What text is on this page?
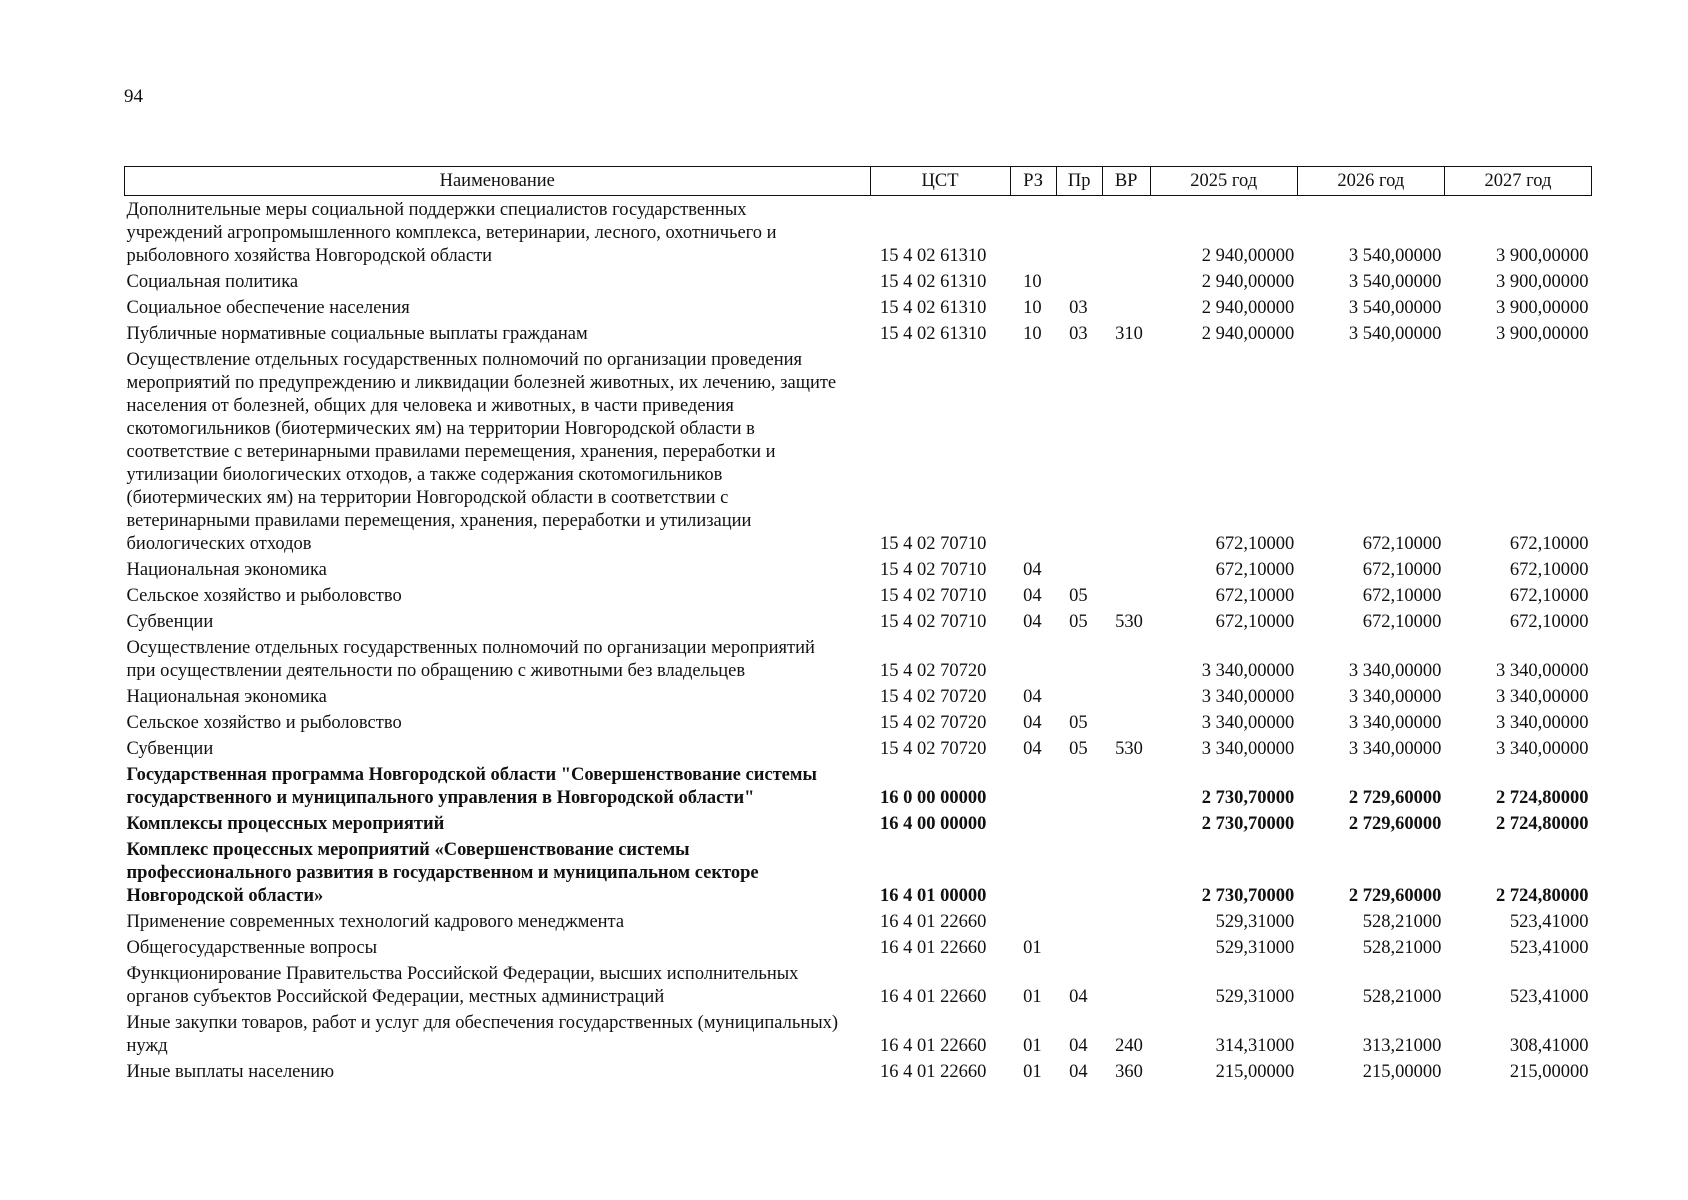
94
Наименование	ЦСТ	РЗ	Пр	ВР	2025 год	2026 год	2027 год
Дополнительные меры социальной поддержки специалистов государственных учреждений агропромышленного комплекса, ветеринарии, лесного, охотничьего и рыболовного хозяйства Новгородской области	15 4 02 61310				2 940,00000	3 540,00000	3 900,00000
Социальная политика	15 4 02 61310	10			2 940,00000	3 540,00000	3 900,00000
Социальное обеспечение населения	15 4 02 61310	10	03		2 940,00000	3 540,00000	3 900,00000
Публичные нормативные социальные выплаты гражданам	15 4 02 61310	10	03	310	2 940,00000	3 540,00000	3 900,00000
Осуществление отдельных государственных полномочий по организации проведения мероприятий по предупреждению и ликвидации болезней животных, их лечению, защите населения от болезней, общих для человека и животных, в части приведения скотомогильников (биотермических ям) на территории Новгородской области в соответствие с ветеринарными правилами перемещения, хранения, переработки и утилизации биологических отходов, а также содержания скотомогильников (биотермических ям) на территории Новгородской области в соответствии с ветеринарными правилами перемещения, хранения, переработки и утилизации биологических отходов	15 4 02 70710				672,10000	672,10000	672,10000
Национальная экономика	15 4 02 70710	04			672,10000	672,10000	672,10000
Сельское хозяйство и рыболовство	15 4 02 70710	04	05		672,10000	672,10000	672,10000
Субвенции	15 4 02 70710	04	05	530	672,10000	672,10000	672,10000
Осуществление отдельных государственных полномочий по организации мероприятий при осуществлении деятельности по обращению с животными без владельцев	15 4 02 70720				3 340,00000	3 340,00000	3 340,00000
Национальная экономика	15 4 02 70720	04			3 340,00000	3 340,00000	3 340,00000
Сельское хозяйство и рыболовство	15 4 02 70720	04	05		3 340,00000	3 340,00000	3 340,00000
Субвенции	15 4 02 70720	04	05	530	3 340,00000	3 340,00000	3 340,00000
Государственная программа Новгородской области "Совершенствование системы государственного и муниципального управления в Новгородской области"	16 0 00 00000				2 730,70000	2 729,60000	2 724,80000
Комплексы процессных мероприятий	16 4 00 00000				2 730,70000	2 729,60000	2 724,80000
Комплекс процессных мероприятий «Совершенствование системы профессионального развития в государственном и муниципальном секторе Новгородской области»	16 4 01 00000				2 730,70000	2 729,60000	2 724,80000
Применение современных технологий кадрового менеджмента	16 4 01 22660				529,31000	528,21000	523,41000
Общегосударственные вопросы	16 4 01 22660	01			529,31000	528,21000	523,41000
Функционирование Правительства Российской Федерации, высших исполнительных органов субъектов Российской Федерации, местных администраций	16 4 01 22660	01	04		529,31000	528,21000	523,41000
Иные закупки товаров, работ и услуг для обеспечения государственных (муниципальных) нужд	16 4 01 22660	01	04	240	314,31000	313,21000	308,41000
Иные выплаты населению	16 4 01 22660	01	04	360	215,00000	215,00000	215,00000
